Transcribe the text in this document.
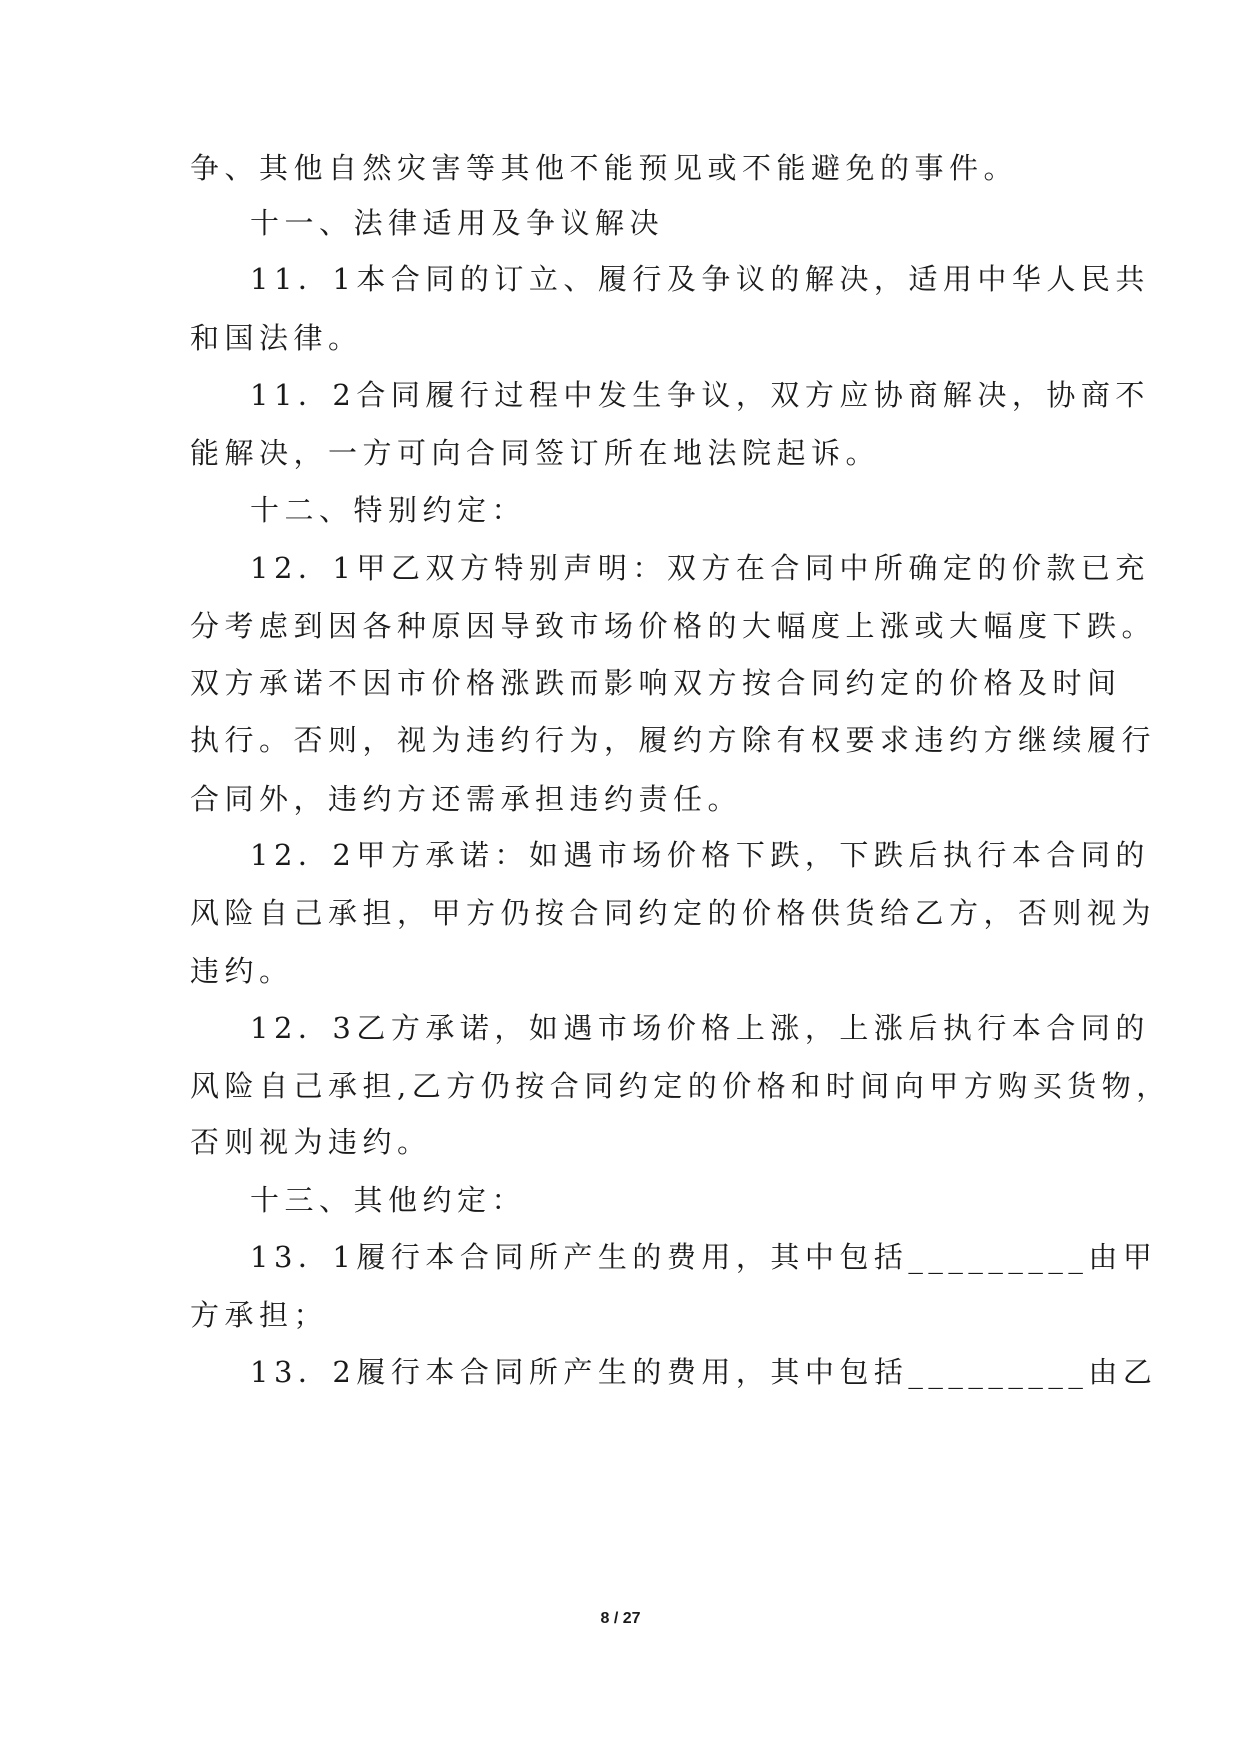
争、其他自然灾害等其他不能预见或不能避免的事件。
十一、法律适用及争议解决
11．1本合同的订立、履行及争议的解决，适用中华人民共
和国法律。
11．2合同履行过程中发生争议，双方应协商解决，协商不
能解决，一方可向合同签订所在地法院起诉。
十二、特别约定：
12．1甲乙双方特别声明：双方在合同中所确定的价款已充
分考虑到因各种原因导致市场价格的大幅度上涨或大幅度下跌。
双方承诺不因市价格涨跌而影响双方按合同约定的价格及时间
执行。否则，视为违约行为，履约方除有权要求违约方继续履行
合同外，违约方还需承担违约责任。
12．2甲方承诺：如遇市场价格下跌，下跌后执行本合同的
风险自己承担，甲方仍按合同约定的价格供货给乙方，否则视为
违约。
12．3乙方承诺，如遇市场价格上涨，上涨后执行本合同的
风险自己承担,乙方仍按合同约定的价格和时间向甲方购买货物，
否则视为违约。
十三、其他约定：
13．1履行本合同所产生的费用，其中包括_________由甲
方承担；
13．2履行本合同所产生的费用，其中包括_________由乙
8 / 27
